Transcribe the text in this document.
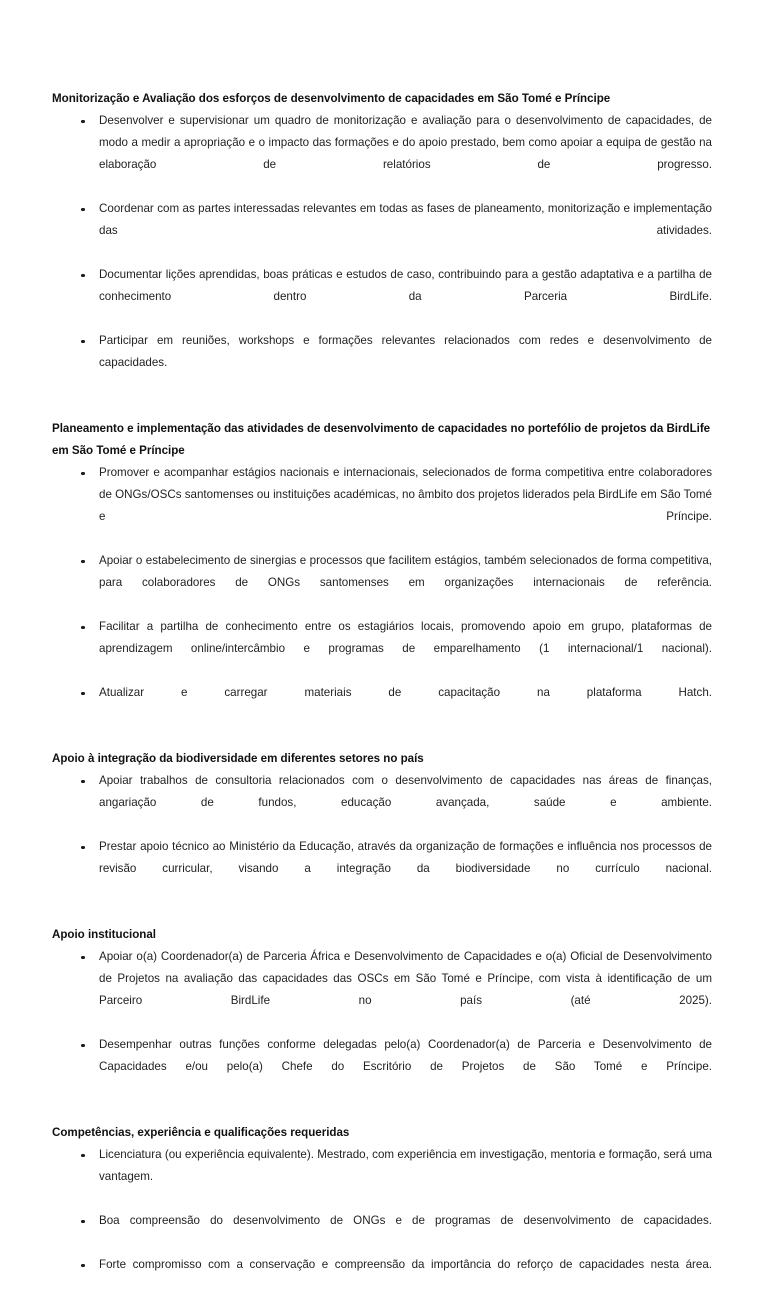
Monitorização e Avaliação dos esforços de desenvolvimento de capacidades em São Tomé e Príncipe
Desenvolver e supervisionar um quadro de monitorização e avaliação para o desenvolvimento de capacidades, de modo a medir a apropriação e o impacto das formações e do apoio prestado, bem como apoiar a equipa de gestão na elaboração de relatórios de progresso.
Coordenar com as partes interessadas relevantes em todas as fases de planeamento, monitorização e implementação das atividades.
Documentar lições aprendidas, boas práticas e estudos de caso, contribuindo para a gestão adaptativa e a partilha de conhecimento dentro da Parceria BirdLife.
Participar em reuniões, workshops e formações relevantes relacionados com redes e desenvolvimento de capacidades.
Planeamento e implementação das atividades de desenvolvimento de capacidades no portefólio de projetos da BirdLife em São Tomé e Príncipe
Promover e acompanhar estágios nacionais e internacionais, selecionados de forma competitiva entre colaboradores de ONGs/OSCs santomenses ou instituições académicas, no âmbito dos projetos liderados pela BirdLife em São Tomé e Príncipe.
Apoiar o estabelecimento de sinergias e processos que facilitem estágios, também selecionados de forma competitiva, para colaboradores de ONGs santomenses em organizações internacionais de referência.
Facilitar a partilha de conhecimento entre os estagiários locais, promovendo apoio em grupo, plataformas de aprendizagem online/intercâmbio e programas de emparelhamento (1 internacional/1 nacional).
Atualizar e carregar materiais de capacitação na plataforma Hatch.
Apoio à integração da biodiversidade em diferentes setores no país
Apoiar trabalhos de consultoria relacionados com o desenvolvimento de capacidades nas áreas de finanças, angariação de fundos, educação avançada, saúde e ambiente.
Prestar apoio técnico ao Ministério da Educação, através da organização de formações e influência nos processos de revisão curricular, visando a integração da biodiversidade no currículo nacional.
Apoio institucional
Apoiar o(a) Coordenador(a) de Parceria África e Desenvolvimento de Capacidades e o(a) Oficial de Desenvolvimento de Projetos na avaliação das capacidades das OSCs em São Tomé e Príncipe, com vista à identificação de um Parceiro BirdLife no país (até 2025).
Desempenhar outras funções conforme delegadas pelo(a) Coordenador(a) de Parceria e Desenvolvimento de Capacidades e/ou pelo(a) Chefe do Escritório de Projetos de São Tomé e Príncipe.
Competências, experiência e qualificações requeridas
Licenciatura (ou experiência equivalente). Mestrado, com experiência em investigação, mentoria e formação, será uma vantagem.
Boa compreensão do desenvolvimento de ONGs e de programas de desenvolvimento de capacidades.
Forte compromisso com a conservação e compreensão da importância do reforço de capacidades nesta área.
